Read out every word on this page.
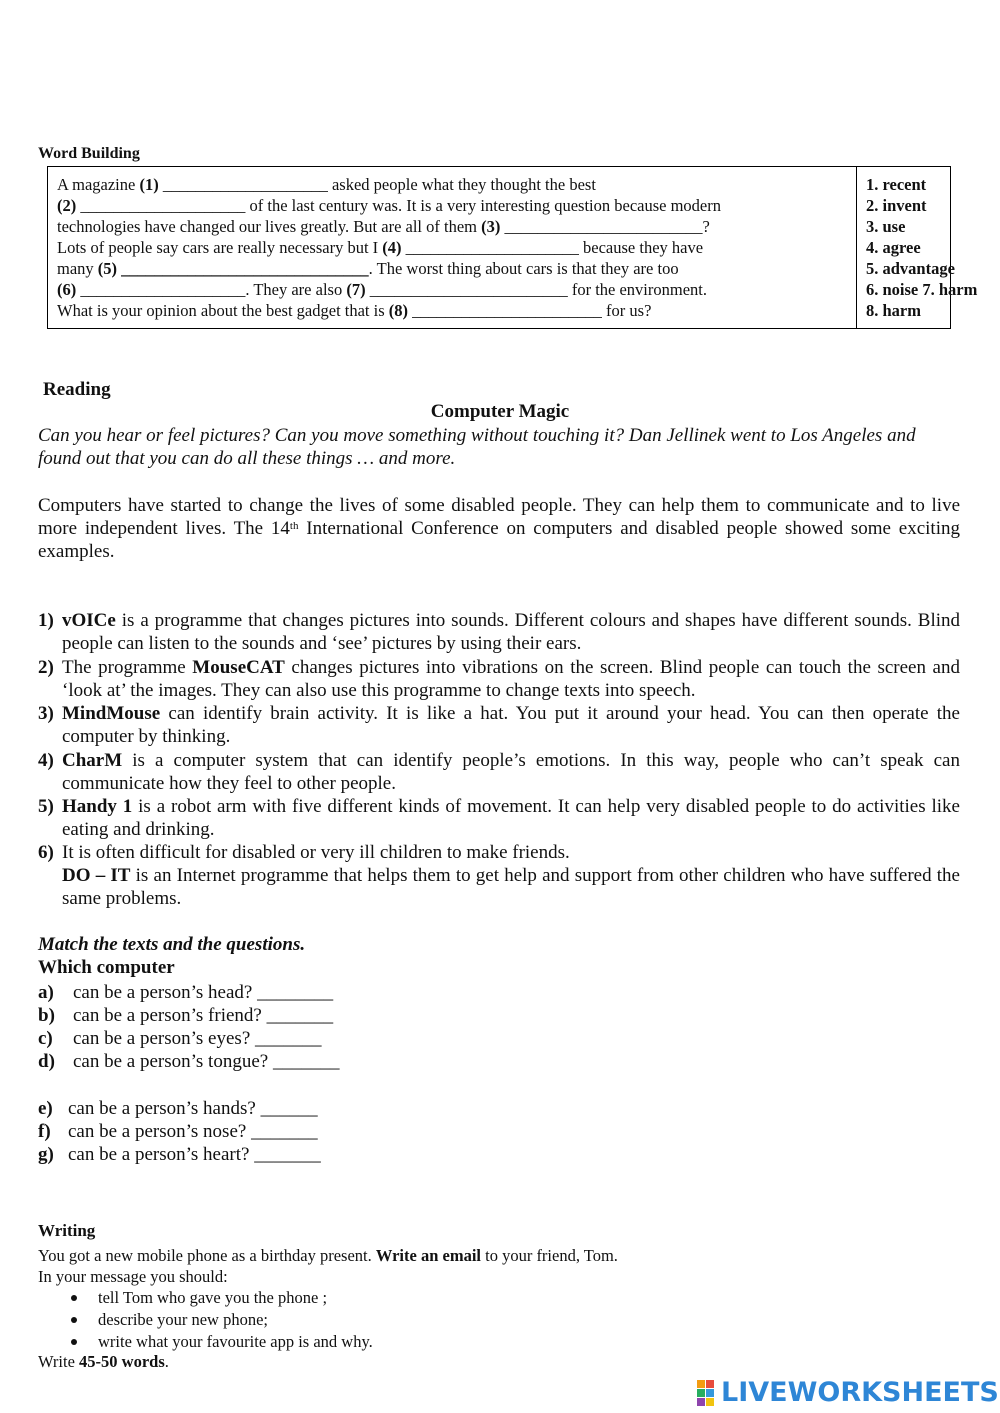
Word Building
A magazine (1) ____________________ asked people what they thought the best
(2) ____________________ of the last century was. It is a very interesting question because modern
technologies have changed our lives greatly. But are all of them (3) ________________________?
Lots of people say cars are really necessary but I (4) _____________________ because they have
many (5) ______________________________. The worst thing about cars is that they are too
(6) ____________________. They are also (7) ________________________ for the environment.
What is your opinion about the best gadget that is (8) _______________________ for us?
1. recent
2. invent
3. use
4. agree
5. advantage
6. noise 7. harm
8. harm
Reading
Computer Magic
Can you hear or feel pictures? Can you move something without touching it? Dan Jellinek went to Los Angeles and
found out that you can do all these things … and more.
Computers have started to change the lives of some disabled people. They can help them to communicate and to live more independent lives. The 14th International Conference on computers and disabled people showed some exciting examples.
1) vOICe is a programme that changes pictures into sounds. Different colours and shapes have different sounds. Blind people can listen to the sounds and ‘see’ pictures by using their ears.
2) The programme MouseCAT changes pictures into vibrations on the screen. Blind people can touch the screen and ‘look at’ the images. They can also use this programme to change texts into speech.
3) MindMouse can identify brain activity. It is like a hat. You put it around your head. You can then operate the computer by thinking.
4) CharM is a computer system that can identify people’s emotions. In this way, people who can’t speak can communicate how they feel to other people.
5) Handy 1 is a robot arm with five different kinds of movement. It can help very disabled people to do activities like eating and drinking.
6) It is often difficult for disabled or very ill children to make friends.
DO – IT is an Internet programme that helps them to get help and support from other children who have suffered the same problems.
Match the texts and the questions.
Which computer
a) can be a person’s head? ________
b) can be a person’s friend? _______
c) can be a person’s eyes? _______
d) can be a person’s tongue? _______
e) can be a person’s hands? ______
f) can be a person’s nose? _______
g) can be a person’s heart? _______
Writing
You got a new mobile phone as a birthday present. Write an email to your friend, Tom.
In your message you should:
tell Tom who gave you the phone ;
describe your new phone;
write what your favourite app is and why.
Write 45-50 words.
LIVEWORKSHEETS
